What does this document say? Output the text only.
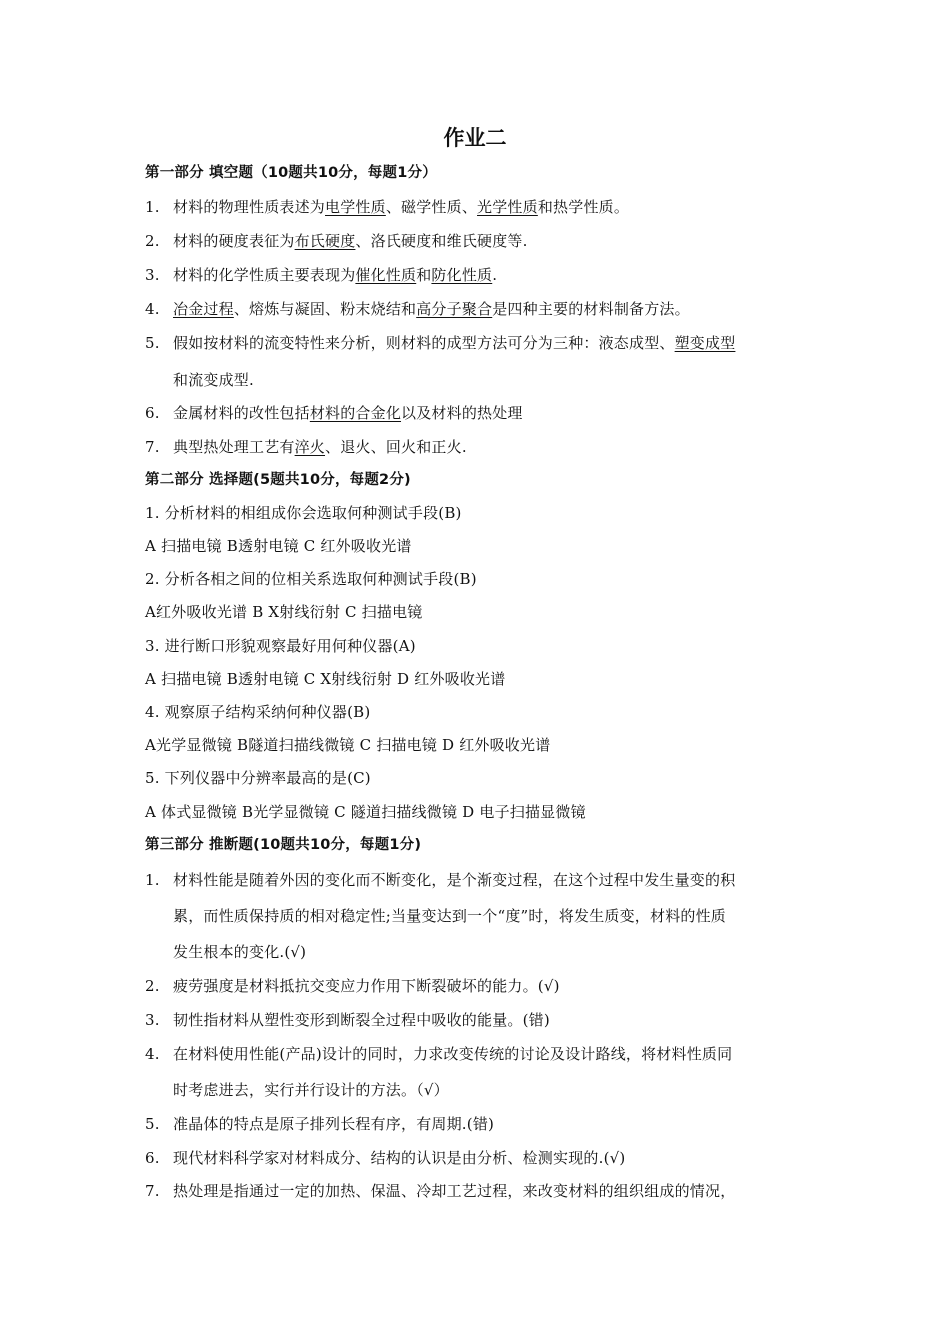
作业二
第一部分 填空题（10题共10分，每题1分）
1. 材料的物理性质表述为电学性质、磁学性质、光学性质和热学性质。
2. 材料的硬度表征为布氏硬度、洛氏硬度和维氏硬度等.
3. 材料的化学性质主要表现为催化性质和防化性质.
4. 冶金过程、熔炼与凝固、粉末烧结和高分子聚合是四种主要的材料制备方法。
5. 假如按材料的流变特性来分析，则材料的成型方法可分为三种：液态成型、塑变成型
和流变成型.
6. 金属材料的改性包括材料的合金化以及材料的热处理
7. 典型热处理工艺有淬火、退火、回火和正火.
第二部分 选择题(5题共10分，每题2分)
1. 分析材料的相组成你会选取何种测试手段(B)
A 扫描电镜 B透射电镜 C 红外吸收光谱
2. 分析各相之间的位相关系选取何种测试手段(B)
A红外吸收光谱 B X射线衍射 C 扫描电镜
3. 进行断口形貌观察最好用何种仪器(A)
A 扫描电镜 B透射电镜 C X射线衍射 D 红外吸收光谱
4. 观察原子结构采纳何种仪器(B)
A光学显微镜 B隧道扫描线微镜 C 扫描电镜 D 红外吸收光谱
5. 下列仪器中分辨率最高的是(C)
A 体式显微镜 B光学显微镜 C 隧道扫描线微镜 D 电子扫描显微镜
第三部分 推断题(10题共10分，每题1分)
1. 材料性能是随着外因的变化而不断变化，是个渐变过程，在这个过程中发生量变的积
累，而性质保持质的相对稳定性;当量变达到一个“度”时，将发生质变，材料的性质
发生根本的变化.(√)
2. 疲劳强度是材料抵抗交变应力作用下断裂破坏的能力。(√)
3. 韧性指材料从塑性变形到断裂全过程中吸收的能量。(错)
4. 在材料使用性能(产品)设计的同时，力求改变传统的讨论及设计路线，将材料性质同
时考虑进去，实行并行设计的方法。（√）
5. 准晶体的特点是原子排列长程有序，有周期.(错)
6. 现代材料科学家对材料成分、结构的认识是由分析、检测实现的.(√)
7. 热处理是指通过一定的加热、保温、冷却工艺过程，来改变材料的组织组成的情况，
